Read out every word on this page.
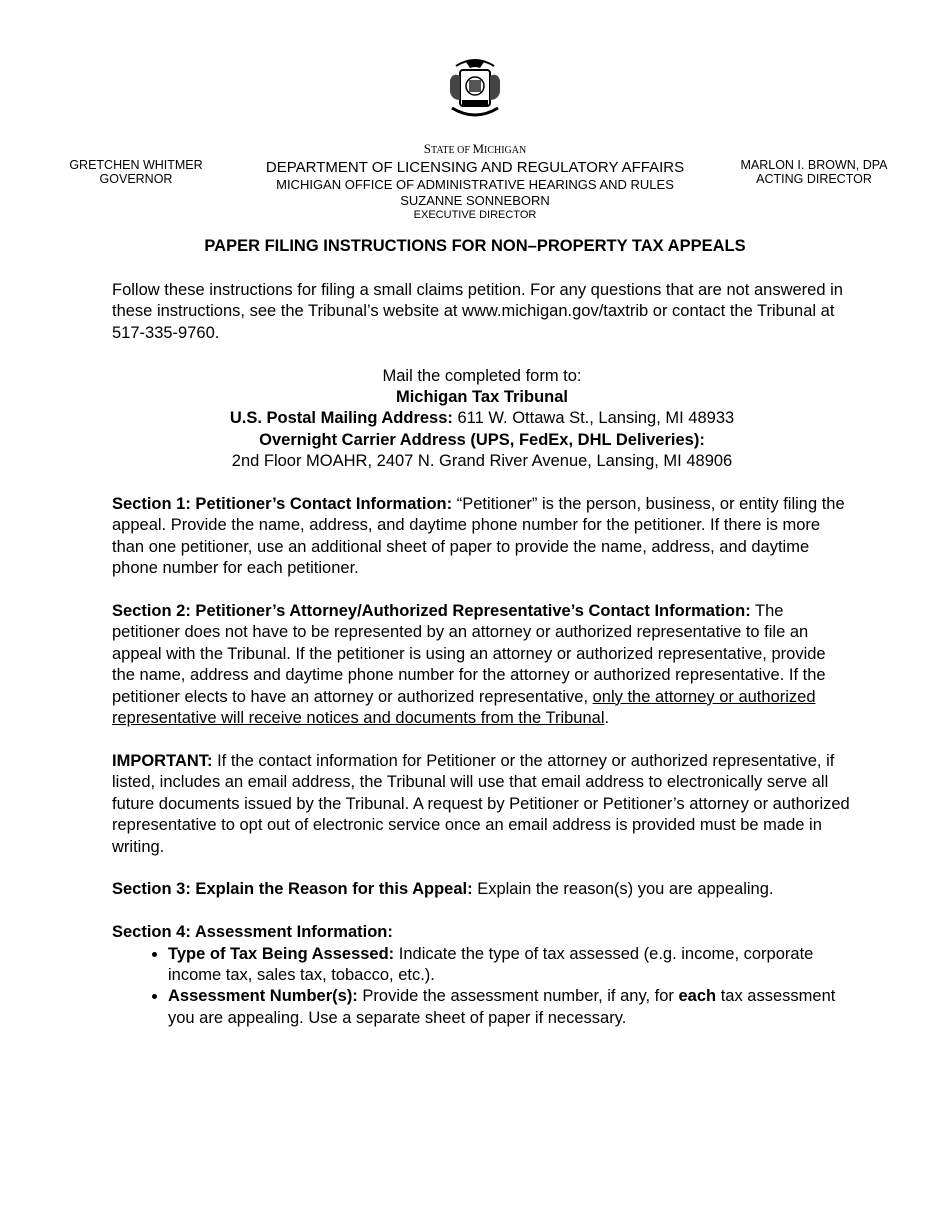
GRETCHEN WHITMER
GOVERNOR
STATE OF MICHIGAN
DEPARTMENT OF LICENSING AND REGULATORY AFFAIRS
MICHIGAN OFFICE OF ADMINISTRATIVE HEARINGS AND RULES
SUZANNE SONNEBORN
EXECUTIVE DIRECTOR
MARLON I. BROWN, DPA
ACTING DIRECTOR
PAPER FILING INSTRUCTIONS FOR NON–PROPERTY TAX APPEALS

Follow these instructions for filing a small claims petition. For any questions that are not answered in these instructions, see the Tribunal’s website at www.michigan.gov/taxtrib or contact the Tribunal at 517-335-9760.

Mail the completed form to:
Michigan Tax Tribunal
U.S. Postal Mailing Address: 611 W. Ottawa St., Lansing, MI 48933
Overnight Carrier Address (UPS, FedEx, DHL Deliveries):
2nd Floor MOAHR, 2407 N. Grand River Avenue, Lansing, MI 48906

Section 1: Petitioner’s Contact Information: “Petitioner” is the person, business, or entity filing the appeal. Provide the name, address, and daytime phone number for the petitioner. If there is more than one petitioner, use an additional sheet of paper to provide the name, address, and daytime phone number for each petitioner.

Section 2: Petitioner’s Attorney/Authorized Representative’s Contact Information: The petitioner does not have to be represented by an attorney or authorized representative to file an appeal with the Tribunal. If the petitioner is using an attorney or authorized representative, provide the name, address and daytime phone number for the attorney or authorized representative. If the petitioner elects to have an attorney or authorized representative, only the attorney or authorized representative will receive notices and documents from the Tribunal.

IMPORTANT: If the contact information for Petitioner or the attorney or authorized representative, if listed, includes an email address, the Tribunal will use that email address to electronically serve all future documents issued by the Tribunal. A request by Petitioner or Petitioner’s attorney or authorized representative to opt out of electronic service once an email address is provided must be made in writing.

Section 3: Explain the Reason for this Appeal: Explain the reason(s) you are appealing.

Section 4: Assessment Information:
• Type of Tax Being Assessed: Indicate the type of tax assessed (e.g. income, corporate income tax, sales tax, tobacco, etc.).
• Assessment Number(s): Provide the assessment number, if any, for each tax assessment you are appealing. Use a separate sheet of paper if necessary.
